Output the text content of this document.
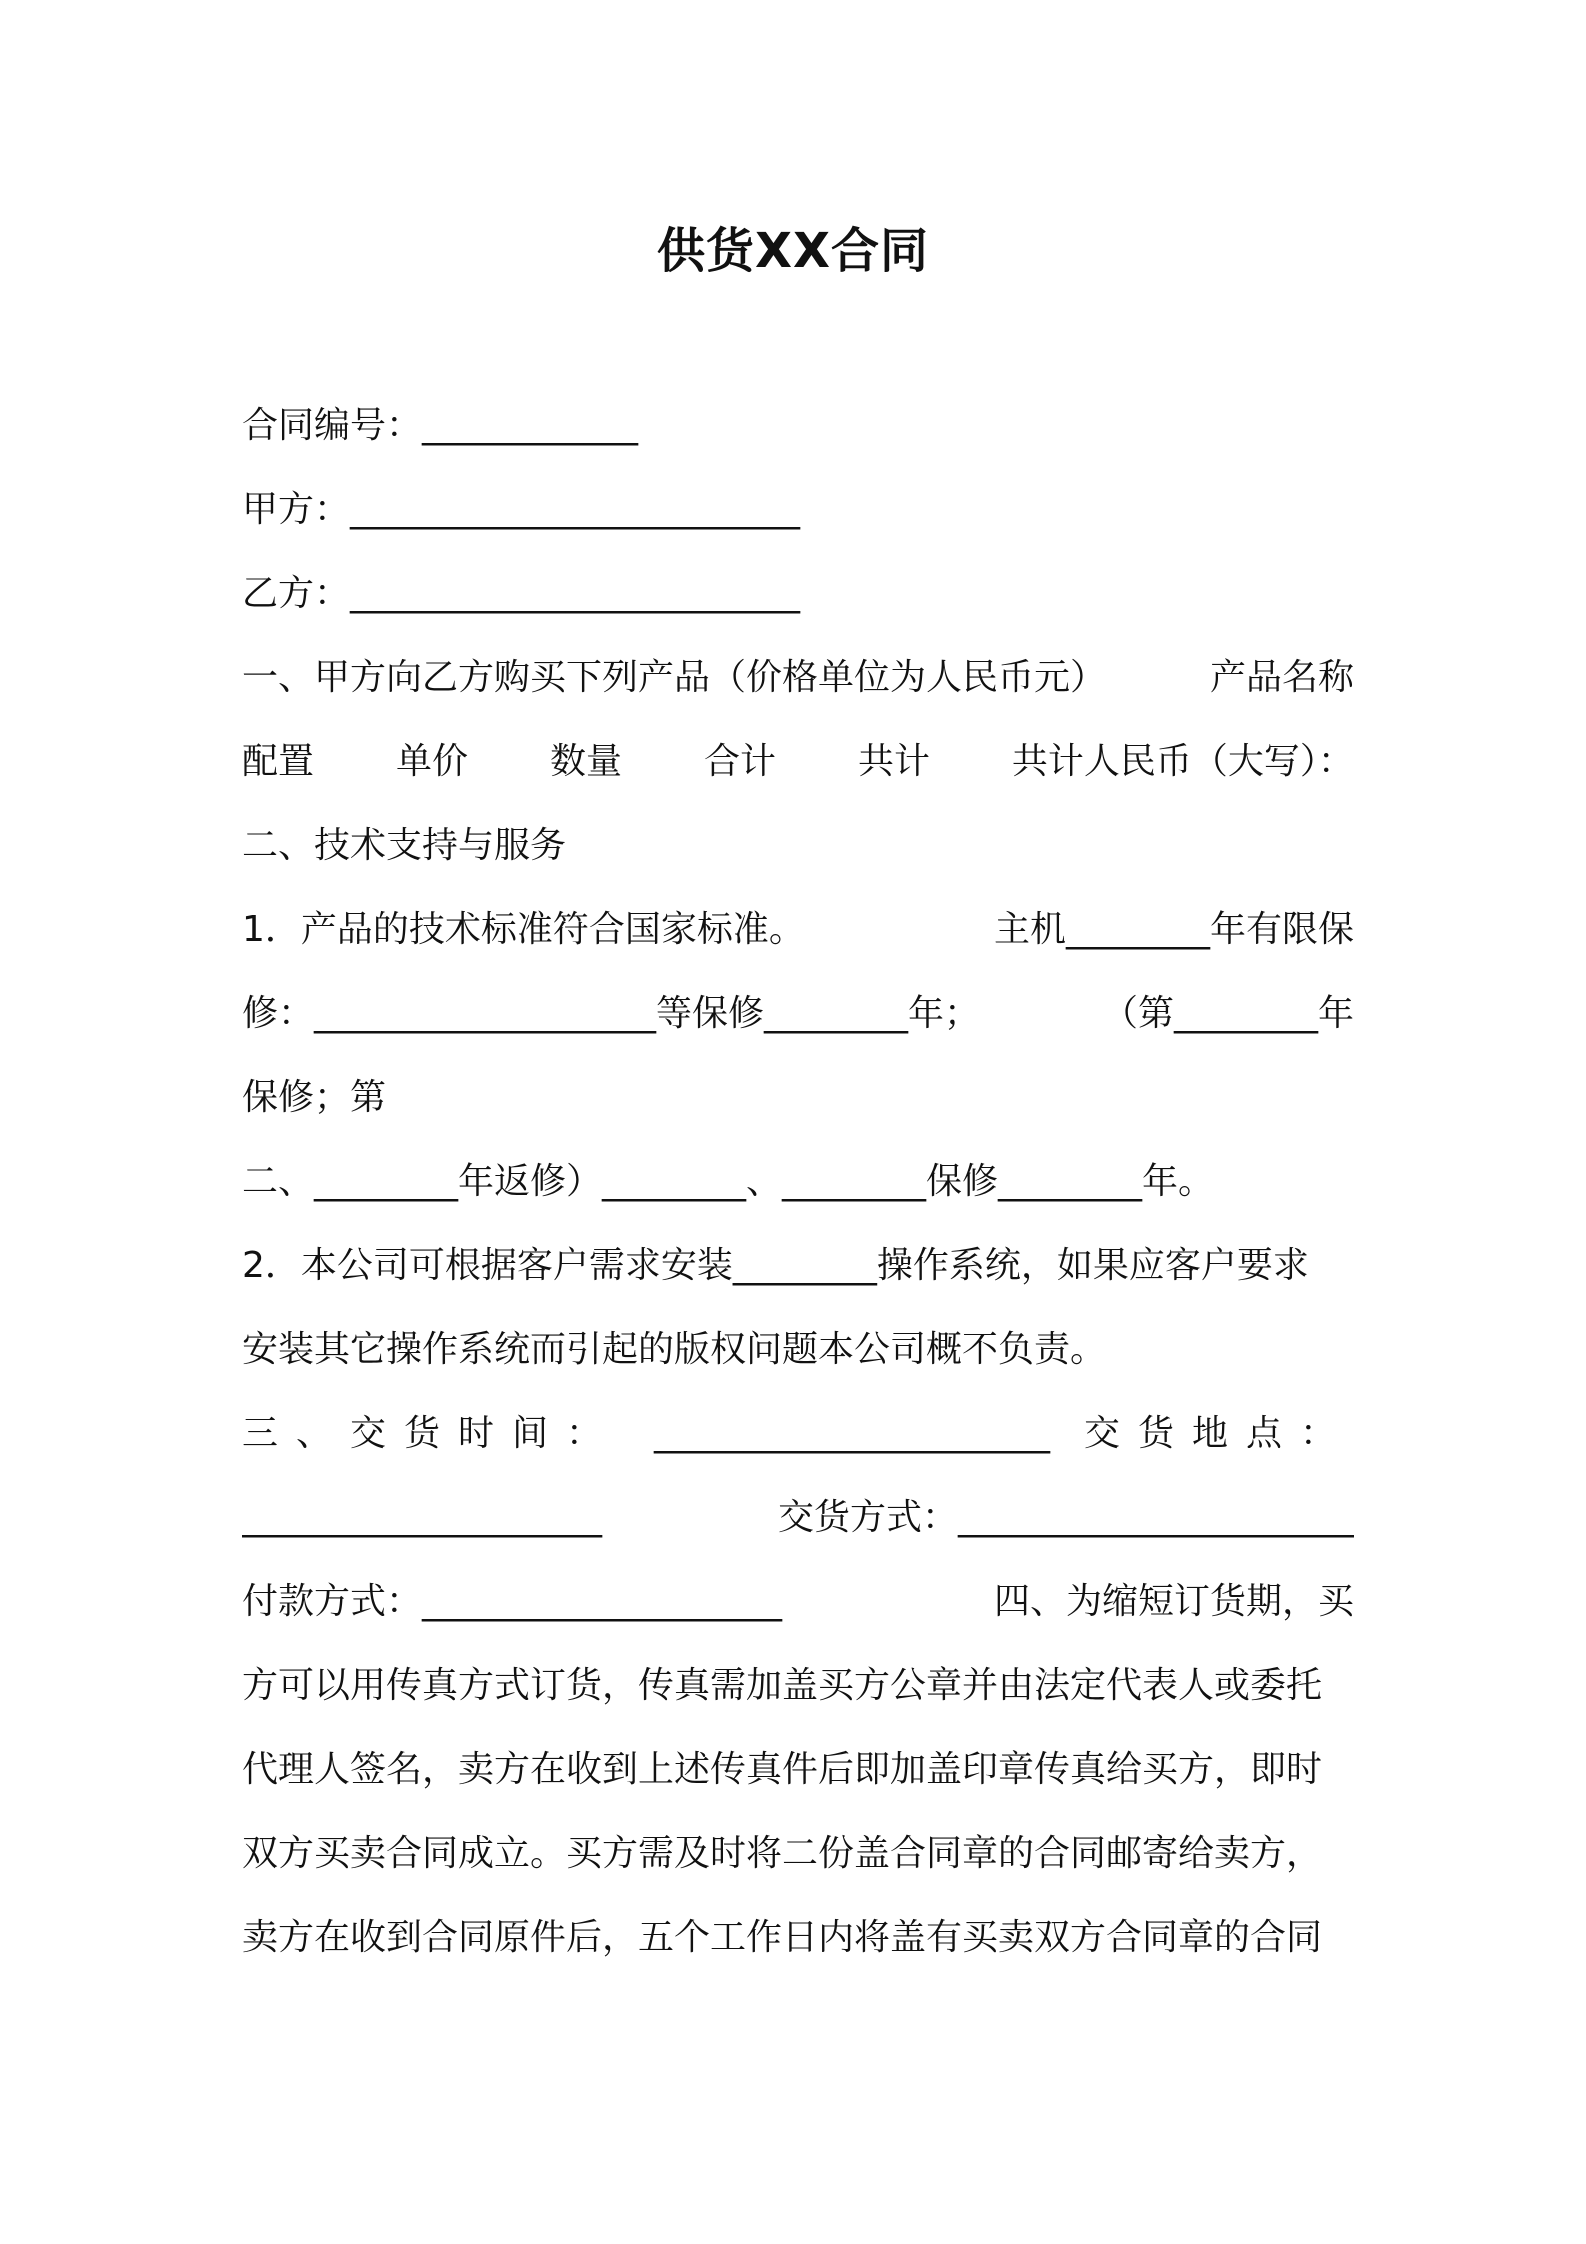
供货XX合同
合同编号：____________
甲方：_________________________
乙方：_________________________
一、甲方向乙方购买下列产品（价格单位为人民币元）	产品名称
配置 单价 数量 合计 共计 共计人民币（大写）：
二、技术支持与服务
1．产品的技术标准符合国家标准。	主机________年有限保
修：___________________等保修________年；	（第________年
保修；第
二、________年返修）________、________保修________年。
2．本公司可根据客户需求安装________操作系统，如果应客户要求
安装其它操作系统而引起的版权问题本公司概不负责。
三、交货时间： ______________________ 交货地点：
____________________	交货方式：______________________
付款方式：____________________	四、为缩短订货期，买
方可以用传真方式订货，传真需加盖买方公章并由法定代表人或委托
代理人签名，卖方在收到上述传真件后即加盖印章传真给买方，即时
双方买卖合同成立。买方需及时将二份盖合同章的合同邮寄给卖方，
卖方在收到合同原件后，五个工作日内将盖有买卖双方合同章的合同
